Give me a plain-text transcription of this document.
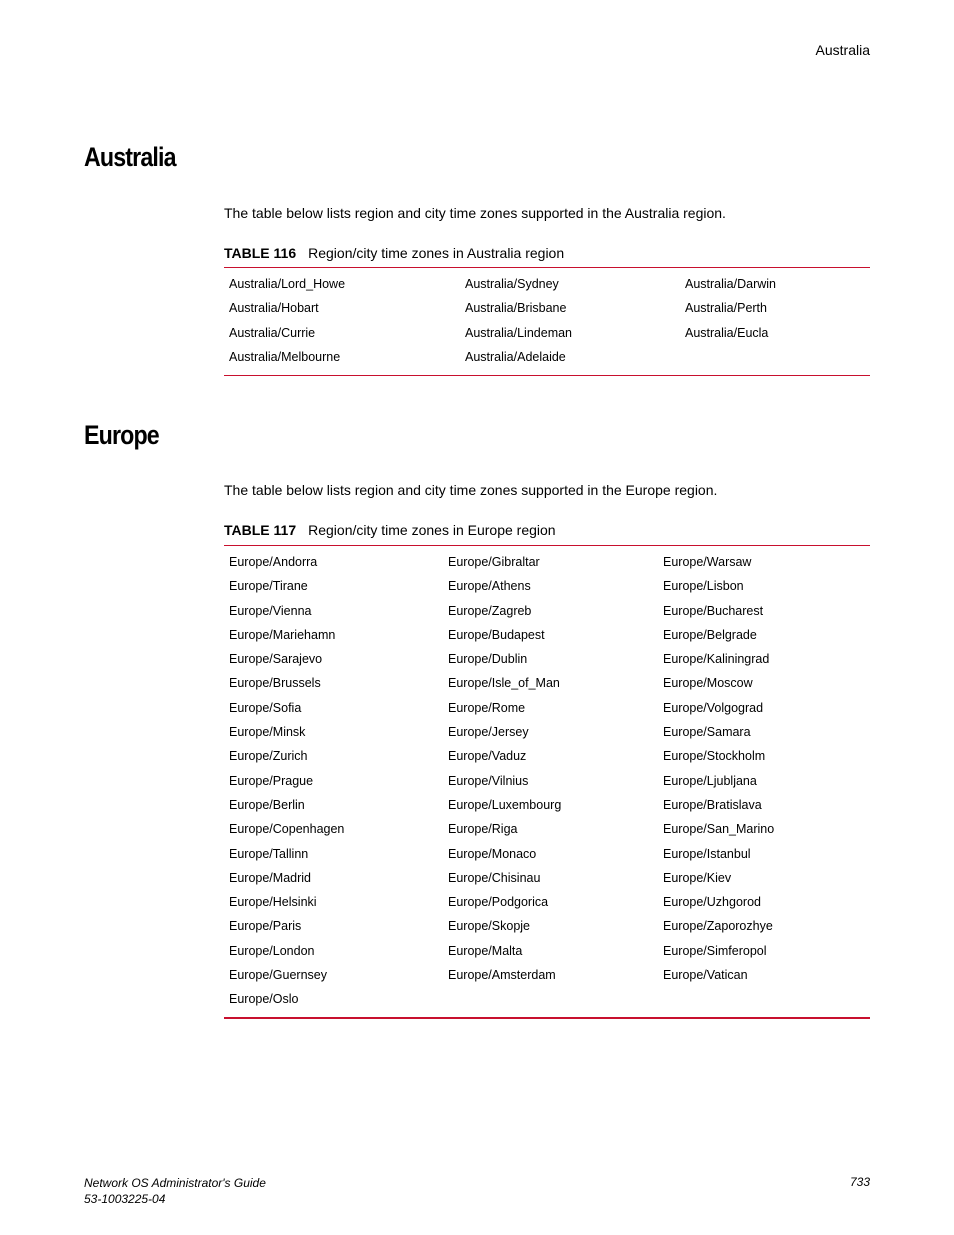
Australia
Australia

The table below lists region and city time zones supported in the Australia region.

TABLE 116 Region/city time zones in Australia region
Australia/Lord_Howe	Australia/Sydney	Australia/Darwin
Australia/Hobart	Australia/Brisbane	Australia/Perth
Australia/Currie	Australia/Lindeman	Australia/Eucla
Australia/Melbourne	Australia/Adelaide
Europe

The table below lists region and city time zones supported in the Europe region.

TABLE 117 Region/city time zones in Europe region
Europe/Andorra	Europe/Gibraltar	Europe/Warsaw
Europe/Tirane	Europe/Athens	Europe/Lisbon
Europe/Vienna	Europe/Zagreb	Europe/Bucharest
Europe/Mariehamn	Europe/Budapest	Europe/Belgrade
Europe/Sarajevo	Europe/Dublin	Europe/Kaliningrad
Europe/Brussels	Europe/Isle_of_Man	Europe/Moscow
Europe/Sofia	Europe/Rome	Europe/Volgograd
Europe/Minsk	Europe/Jersey	Europe/Samara
Europe/Zurich	Europe/Vaduz	Europe/Stockholm
Europe/Prague	Europe/Vilnius	Europe/Ljubljana
Europe/Berlin	Europe/Luxembourg	Europe/Bratislava
Europe/Copenhagen	Europe/Riga	Europe/San_Marino
Europe/Tallinn	Europe/Monaco	Europe/Istanbul
Europe/Madrid	Europe/Chisinau	Europe/Kiev
Europe/Helsinki	Europe/Podgorica	Europe/Uzhgorod
Europe/Paris	Europe/Skopje	Europe/Zaporozhye
Europe/London	Europe/Malta	Europe/Simferopol
Europe/Guernsey	Europe/Amsterdam	Europe/Vatican
Europe/Oslo
Network OS Administrator's Guide
53-1003225-04
733
